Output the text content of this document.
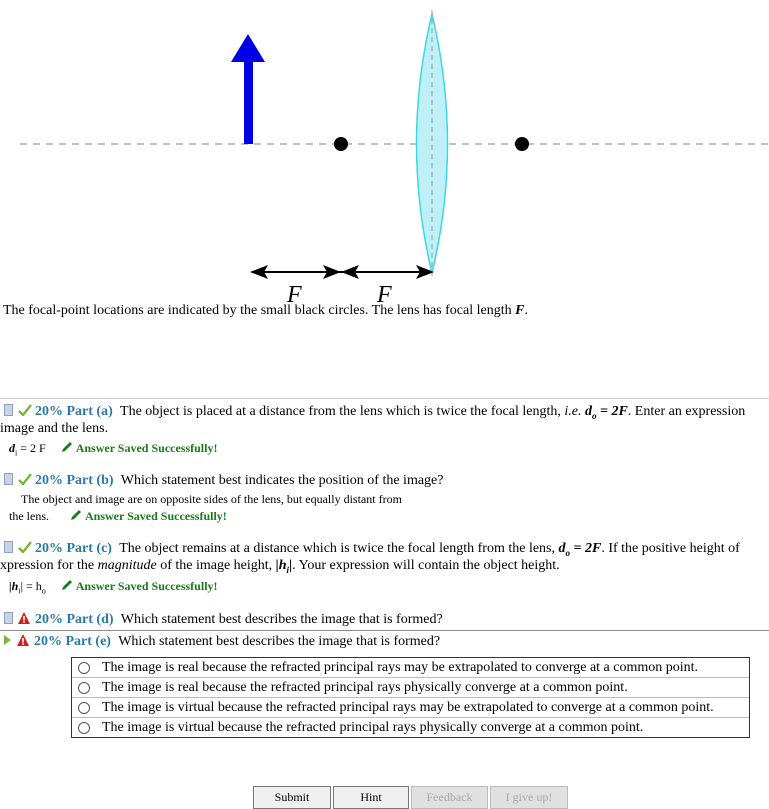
F	F
The focal-point locations are indicated by the small black circles. The lens has focal length F.
20% Part (a) The object is placed at a distance from the lens which is twice the focal length, i.e. $d_o = 2F$. Enter an expression
image and the lens.
$d_i = 2$ F	Answer Saved Successfully!
20% Part (b) Which statement best indicates the position of the image?
The object and image are on opposite sides of the lens, but equally distant from
the lens.	Answer Saved Successfully!
20% Part (c) The object remains at a distance which is twice the focal length from the lens, $d_o = 2F$. If the positive height of
xpression for the magnitude of the image height, $|h_i|$. Your expression will contain the object height.
$|h_i| = h_o$	Answer Saved Successfully!
20% Part (d) Which statement best describes the image that is formed?
20% Part (e) Which statement best describes the image that is formed?
The image is real because the refracted principal rays may be extrapolated to converge at a common point.
The image is real because the refracted principal rays physically converge at a common point.
The image is virtual because the refracted principal rays may be extrapolated to converge at a common point.
The image is virtual because the refracted principal rays physically converge at a common point.
Submit	Hint	Feedback	I give up!
